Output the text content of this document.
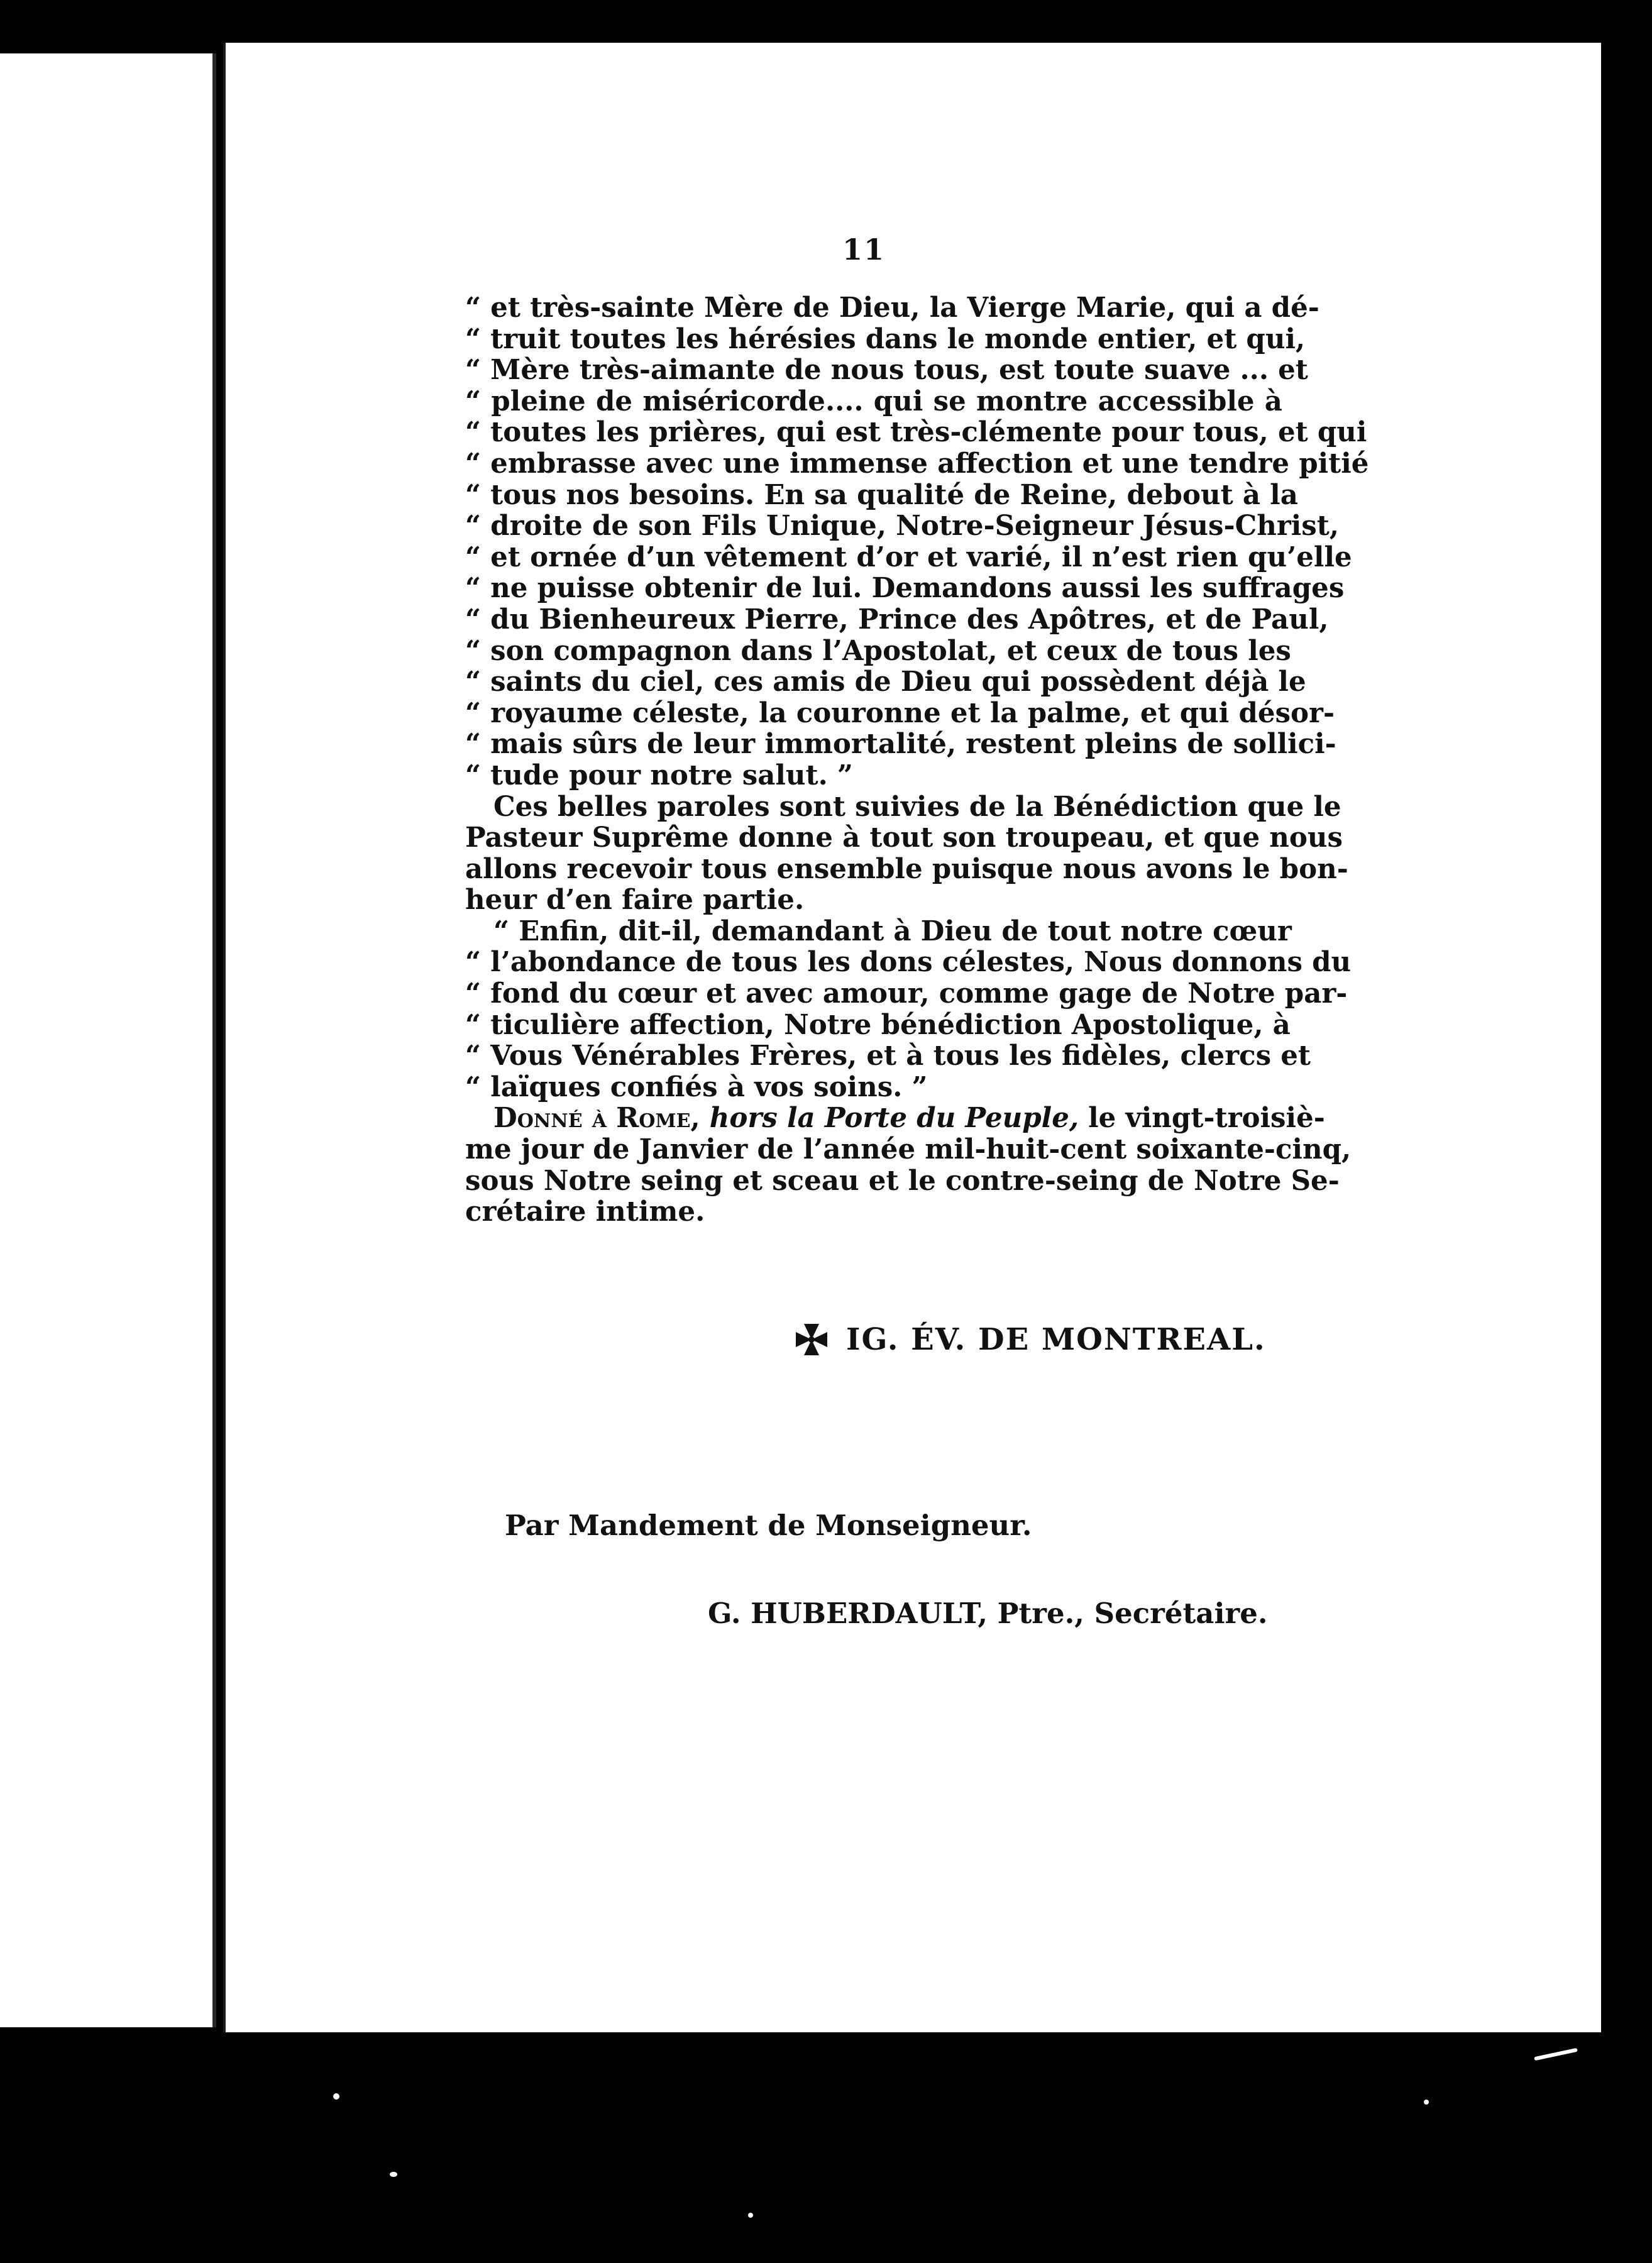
11
“ et très-sainte Mère de Dieu, la Vierge Marie, qui a dé-
“ truit toutes les hérésies dans le monde entier, et qui,
“ Mère très-aimante de nous tous, est toute suave ... et
“ pleine de miséricorde.... qui se montre accessible à
“ toutes les prières, qui est très-clémente pour tous, et qui
“ embrasse avec une immense affection et une tendre pitié
“ tous nos besoins. En sa qualité de Reine, debout à la
“ droite de son Fils Unique, Notre-Seigneur Jésus-Christ,
“ et ornée d’un vêtement d’or et varié, il n’est rien qu’elle
“ ne puisse obtenir de lui. Demandons aussi les suffrages
“ du Bienheureux Pierre, Prince des Apôtres, et de Paul,
“ son compagnon dans l’Apostolat, et ceux de tous les
“ saints du ciel, ces amis de Dieu qui possèdent déjà le
“ royaume céleste, la couronne et la palme, et qui désor-
“ mais sûrs de leur immortalité, restent pleins de sollici-
“ tude pour notre salut. ”
Ces belles paroles sont suivies de la Bénédiction que le
Pasteur Suprême donne à tout son troupeau, et que nous
allons recevoir tous ensemble puisque nous avons le bon-
heur d’en faire partie.
“ Enfin, dit-il, demandant à Dieu de tout notre cœur
“ l’abondance de tous les dons célestes, Nous donnons du
“ fond du cœur et avec amour, comme gage de Notre par-
“ ticulière affection, Notre bénédiction Apostolique, à
“ Vous Vénérables Frères, et à tous les fidèles, clercs et
“ laïques confiés à vos soins. ”
Donné à Rome, hors la Porte du Peuple, le vingt-troisiè-
me jour de Janvier de l’année mil-huit-cent soixante-cinq,
sous Notre seing et sceau et le contre-seing de Notre Se-
crétaire intime.
IG. ÉV. DE MONTREAL.
Par Mandement de Monseigneur.
G. HUBERDAULT, Ptre., Secrétaire.
